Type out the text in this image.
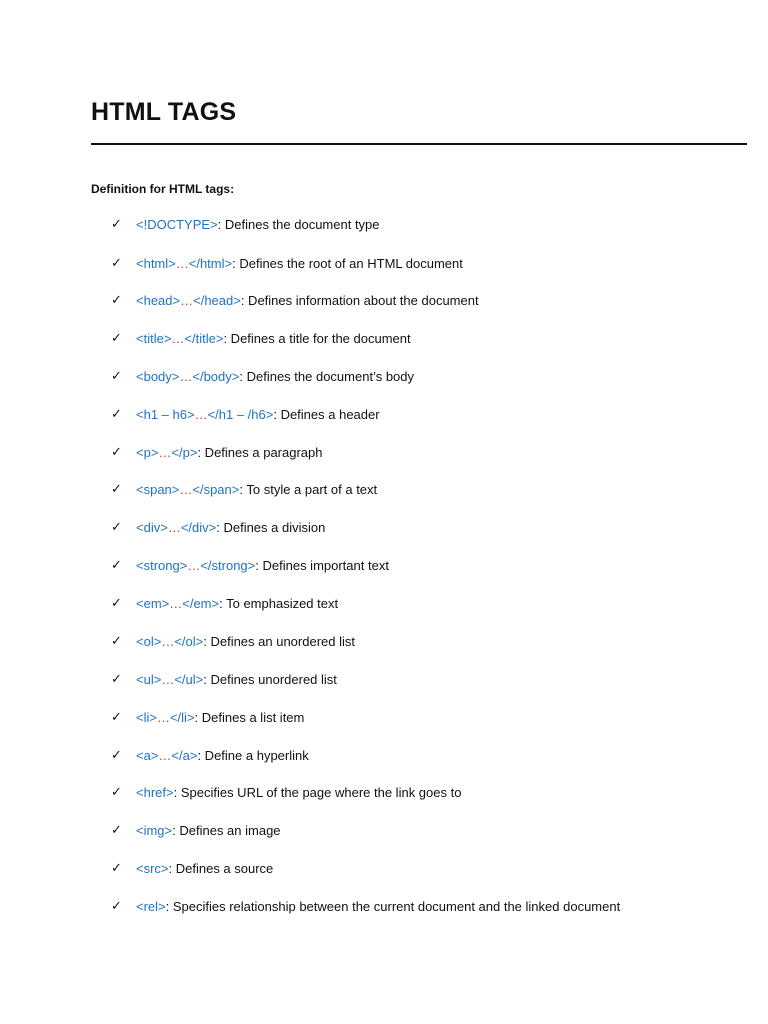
HTML TAGS
Definition for HTML tags:
✓	<!DOCTYPE> : Defines the document type
✓	<html> … </html> : Defines the root of an HTML document
✓	<head> … </head> : Defines information about the document
✓	<title> … </title> : Defines a title for the document
✓	<body> … </body> : Defines the document’s body
✓	<h1 – h6> … </h1 – /h6> : Defines a header
✓	<p> … </p> : Defines a paragraph
✓	<span> … </span> : To style a part of a text
✓	<div> … </div> : Defines a division
✓	<strong> … </strong> : Defines important text
✓	<em> … </em> : To emphasized text
✓	<ol> … </ol> : Defines an unordered list
✓	<ul> … </ul> : Defines unordered list
✓	<li> … </li> : Defines a list item
✓	<a> … </a> : Define a hyperlink
✓	<href> : Specifies URL of the page where the link goes to
✓	<img> : Defines an image
✓	<src> : Defines a source
✓	<rel> : Specifies relationship between the current document and the linked document
